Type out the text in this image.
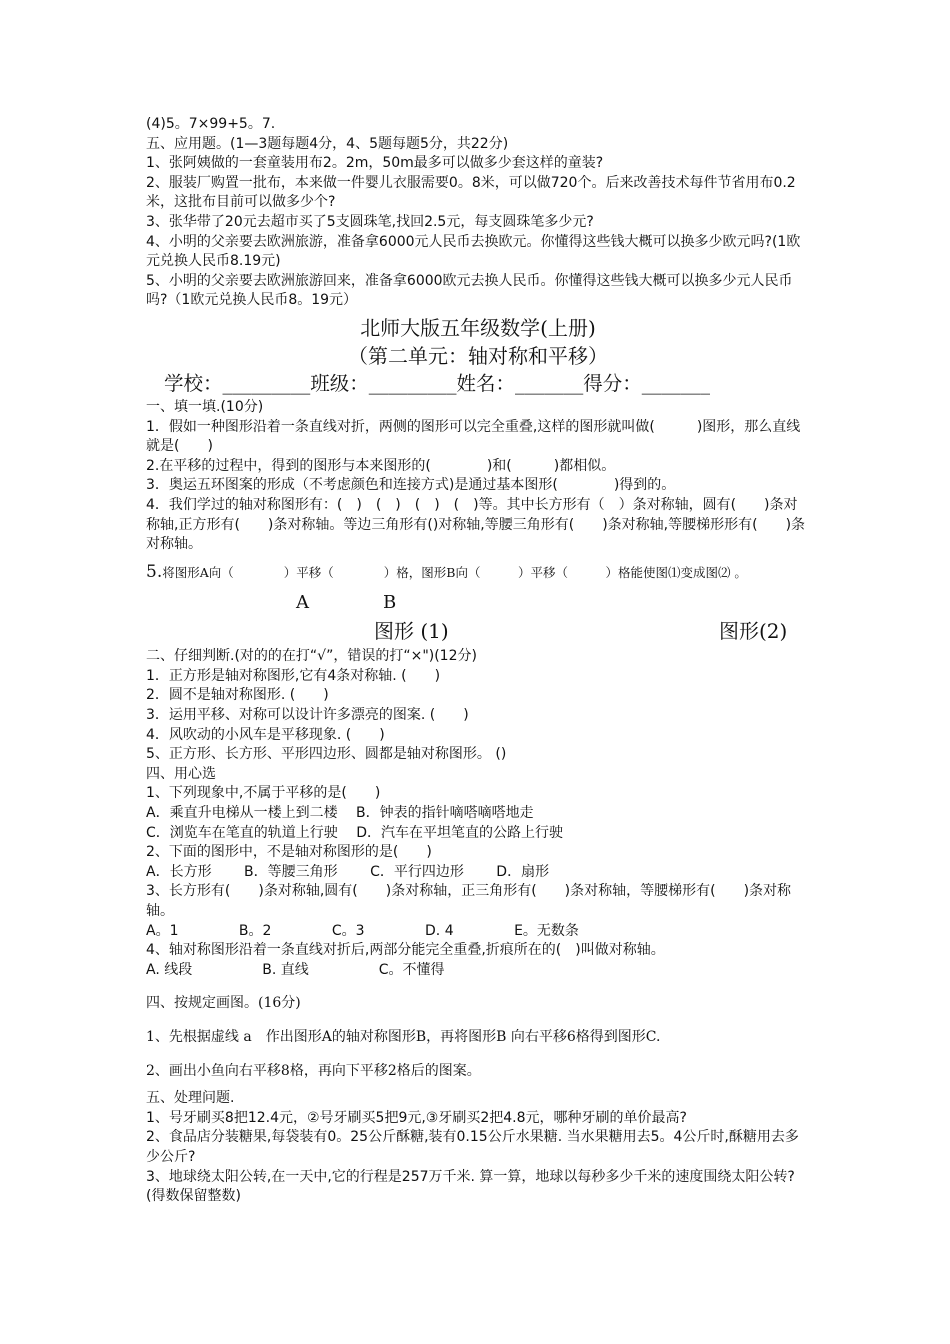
(4)5。7×99+5。7.

五、应用题。(1—3题每题4分，4、5题每题5分，共22分)

1、张阿姨做的一套童装用布2。2m，50m最多可以做多少套这样的童装?

2、服装厂购置一批布，本来做一件婴儿衣服需要0。8米，可以做720个。后来改善技术每件节省用布0.2米，这批布目前可以做多少个?

3、张华带了20元去超市买了5支圆珠笔,找回2.5元，每支圆珠笔多少元?

4、小明的父亲要去欧洲旅游，准备拿6000元人民币去换欧元。你懂得这些钱大概可以换多少欧元吗?(1欧元兑换人民币8.19元)

5、小明的父亲要去欧洲旅游回来，准备拿6000欧元去换人民币。你懂得这些钱大概可以换多少元人民币吗?（1欧元兑换人民币8。19元）

北师大版五年级数学(上册)

（第二单元：轴对称和平移）

学校：_________班级：_________姓名：_______得分：_______

一、填一填.(10分)

1．假如一种图形沿着一条直线对折，两侧的图形可以完全重叠,这样的图形就叫做(　　　)图形，那么直线就是(　　)

2.在平移的过程中，得到的图形与本来图形的(　　　　)和(　　　)都相似。

3．奥运五环图案的形成（不考虑颜色和连接方式)是通过基本图形(　　　　)得到的。

4．我们学过的轴对称图形有：(　)　(　)　(　)　(　)等。其中长方形有（　）条对称轴，圆有(　　)条对称轴,正方形有(　　)条对称轴。等边三角形有()对称轴,等腰三角形有(　　)条对称轴,等腰梯形形有(　　)条对称轴。

5.将图形A向（　　　　）平移（　　　　）格，图形B向（　　　）平移（　　　）格能使图⑴变成图⑵ 。

A	B
图形 (1)	图形(2)

二、仔细判断.(对的的在打“√”，错误的打“×")(12分)

1．正方形是轴对称图形,它有4条对称轴. (　　)

2．圆不是轴对称图形. (　　)

3．运用平移、对称可以设计许多漂亮的图案. (　　)

4．风吹动的小风车是平移现象. (　　)

5、正方形、长方形、平形四边形、圆都是轴对称图形。 ()

四、用心选

1、下列现象中,不属于平移的是(　　)

A．乘直升电梯从一楼上到二楼　 B．钟表的指针嘀嗒嘀嗒地走

C．浏览车在笔直的轨道上行驶　 D．汽车在平坦笔直的公路上行驶

2、下面的图形中，不是轴对称图形的是(　　)

A．长方形　　 B．等腰三角形　　 C．平行四边形　　 D．扇形

3、长方形有(　　)条对称轴,圆有(　　)条对称轴，正三角形有(　　)条对称轴，等腰梯形有(　　)条对称轴。

A。1　　　　 B。2　　　　 C。3　　　　 D. 4　　　　 E。无数条

4、轴对称图形沿着一条直线对折后,两部分能完全重叠,折痕所在的(　)叫做对称轴。

A. 线段　　　　　B. 直线　　　　　C。不懂得

四、按规定画图。(16分)

1、先根据虚线 a　作出图形A的轴对称图形B，再将图形B 向右平移6格得到图形C.

2、画出小鱼向右平移8格，再向下平移2格后的图案。

五、处理问题.

1、号牙刷买8把12.4元，②号牙刷买5把9元,③牙刷买2把4.8元，哪种牙刷的单价最高?

2、食品店分装糖果,每袋装有0。25公斤酥糖,装有0.15公斤水果糖. 当水果糖用去5。4公斤时,酥糖用去多少公斤?

3、地球绕太阳公转,在一天中,它的行程是257万千米. 算一算，地球以每秒多少千米的速度围绕太阳公转?(得数保留整数)
